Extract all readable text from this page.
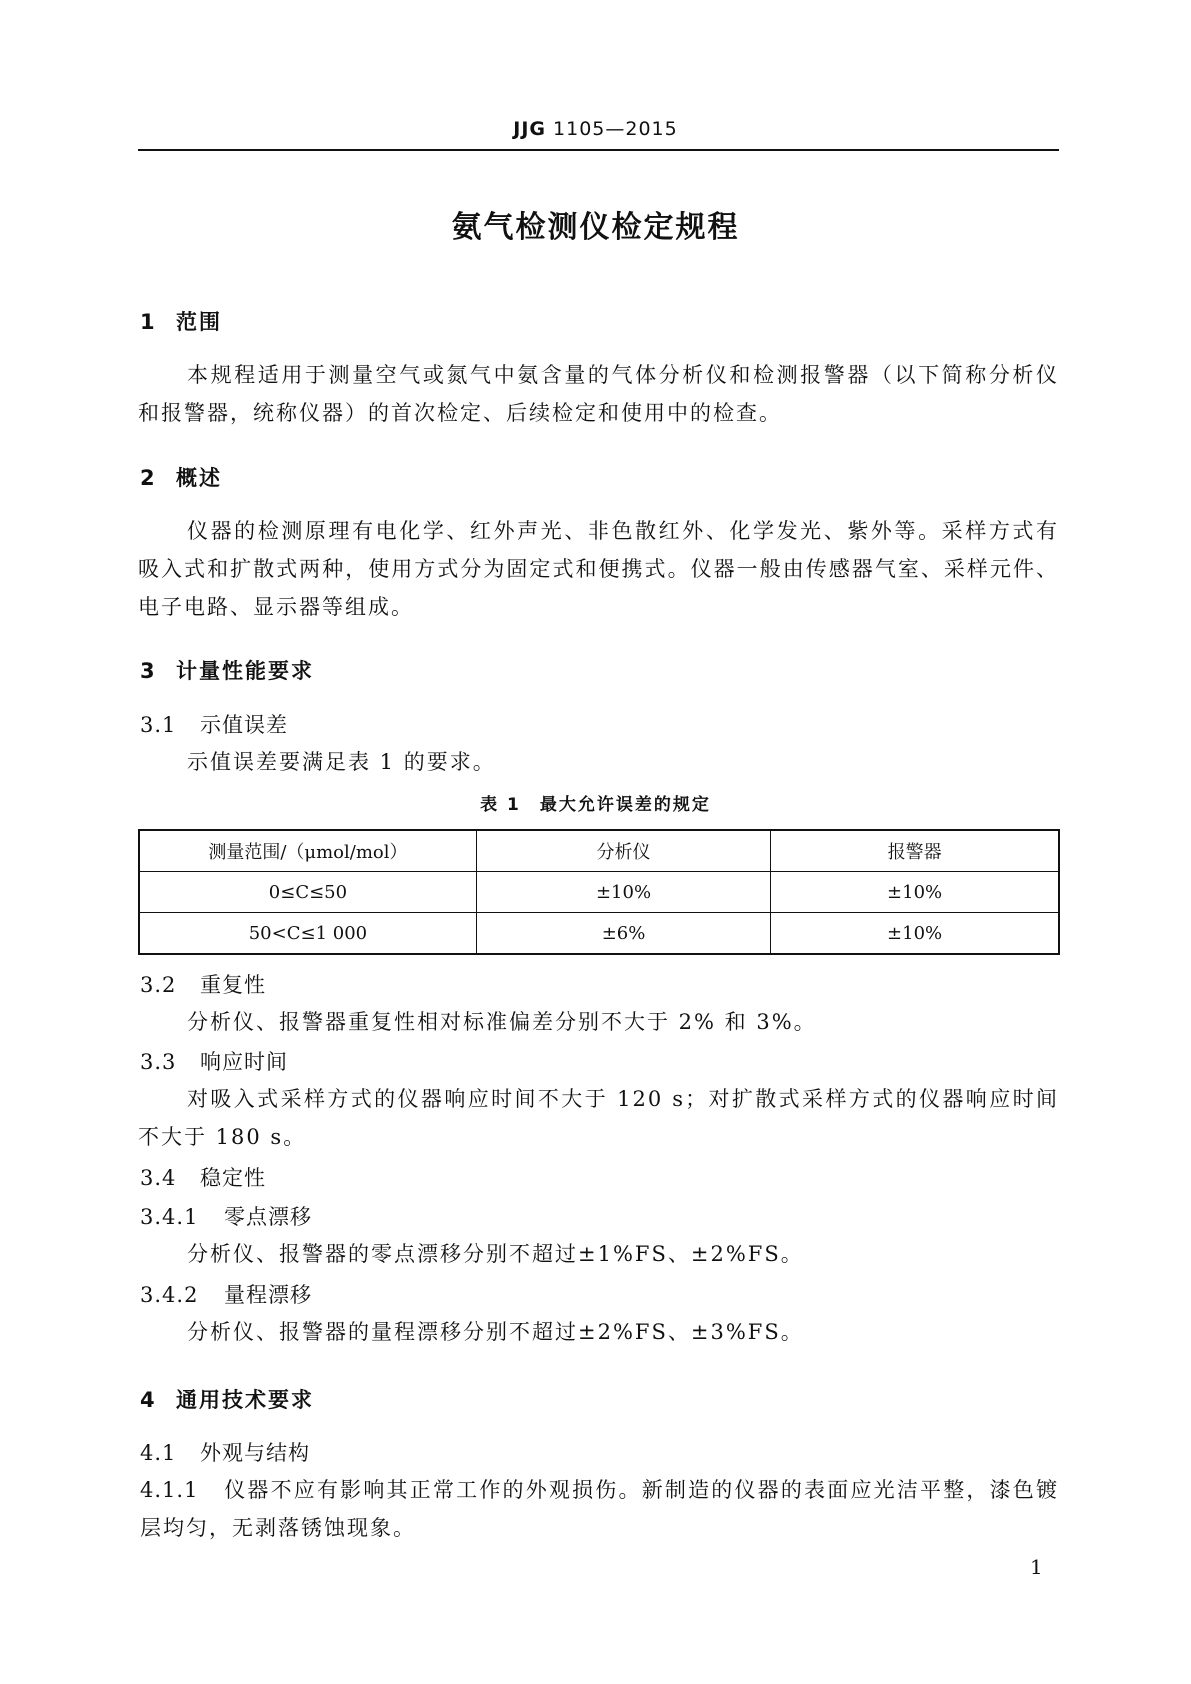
JJG 1105—2015
氨气检测仪检定规程
1 范围
本规程适用于测量空气或氮气中氨含量的气体分析仪和检测报警器（以下简称分析仪和报警器，统称仪器）的首次检定、后续检定和使用中的检查。
2 概述
仪器的检测原理有电化学、红外声光、非色散红外、化学发光、紫外等。采样方式有吸入式和扩散式两种，使用方式分为固定式和便携式。仪器一般由传感器气室、采样元件、电子电路、显示器等组成。
3 计量性能要求
3.1 示值误差
示值误差要满足表 1 的要求。
表 1　最大允许误差的规定
测量范围/（μmol/mol）	分析仪	报警器
0≤C≤50	±10%	±10%
50<C≤1 000	±6%	±10%
3.2 重复性
分析仪、报警器重复性相对标准偏差分别不大于 2% 和 3%。
3.3 响应时间
对吸入式采样方式的仪器响应时间不大于 120 s；对扩散式采样方式的仪器响应时间不大于 180 s。
3.4 稳定性
3.4.1 零点漂移
分析仪、报警器的零点漂移分别不超过±1%FS、±2%FS。
3.4.2 量程漂移
分析仪、报警器的量程漂移分别不超过±2%FS、±3%FS。
4 通用技术要求
4.1 外观与结构
4.1.1 仪器不应有影响其正常工作的外观损伤。新制造的仪器的表面应光洁平整，漆色镀层均匀，无剥落锈蚀现象。
1
